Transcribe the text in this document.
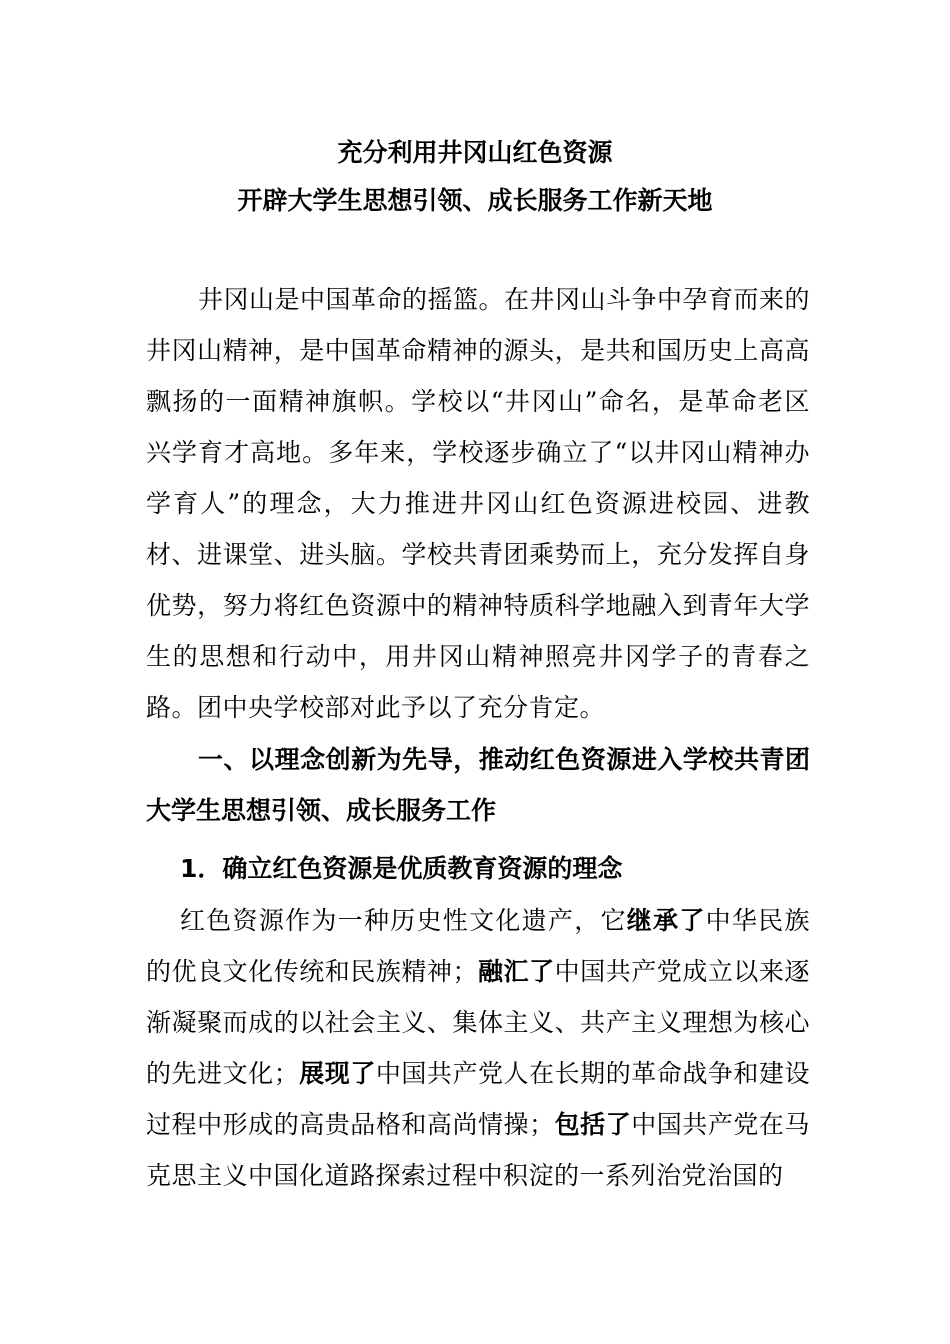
充分利用井冈山红色资源
开辟大学生思想引领、成长服务工作新天地

井冈山是中国革命的摇篮。在井冈山斗争中孕育而来的井冈山精神，是中国革命精神的源头，是共和国历史上高高飘扬的一面精神旗帜。学校以“井冈山”命名，是革命老区兴学育才高地。多年来，学校逐步确立了“以井冈山精神办学育人”的理念，大力推进井冈山红色资源进校园、进教材、进课堂、进头脑。学校共青团乘势而上，充分发挥自身优势，努力将红色资源中的精神特质科学地融入到青年大学生的思想和行动中，用井冈山精神照亮井冈学子的青春之路。团中央学校部对此予以了充分肯定。

一、以理念创新为先导，推动红色资源进入学校共青团大学生思想引领、成长服务工作

1．确立红色资源是优质教育资源的理念

红色资源作为一种历史性文化遗产，它继承了中华民族的优良文化传统和民族精神；融汇了中国共产党成立以来逐渐凝聚而成的以社会主义、集体主义、共产主义理想为核心的先进文化；展现了中国共产党人在长期的革命战争和建设过程中形成的高贵品格和高尚情操；包括了中国共产党在马克思主义中国化道路探索过程中积淀的一系列治党治国的
